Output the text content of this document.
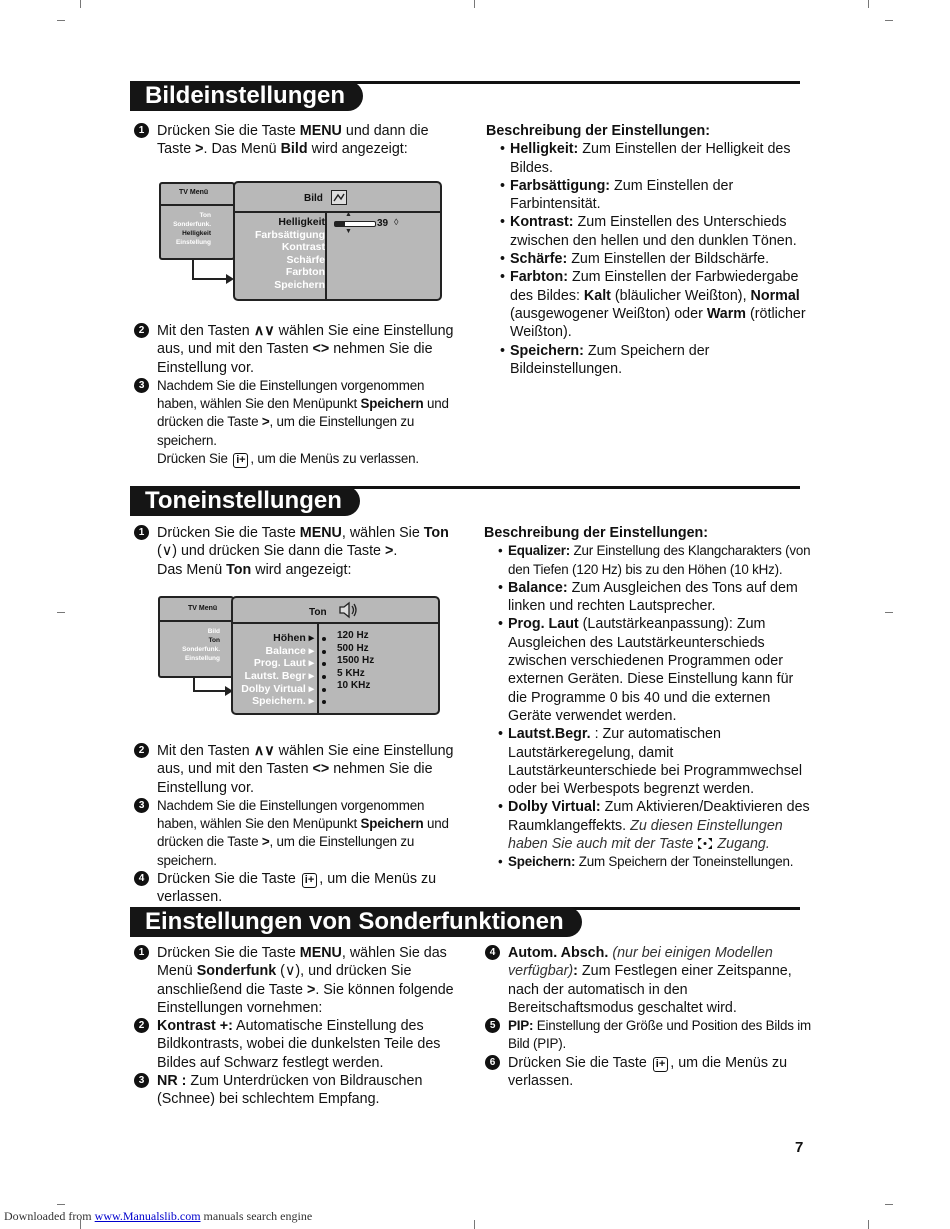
Bildeinstellungen

1 Drücken Sie die Taste MENU und dann die Taste >. Das Menü Bild wird angezeigt:

TV Menü
Ton
Sonderfunk.
Helligkeit
Einstellung
Bild
Helligkeit
Farbsättigung
Kontrast
Schärfe
Farbton
Speichern
▲
▼
39 ◊

2 Mit den Tasten ∧∨ wählen Sie eine Einstellung aus, und mit den Tasten <> nehmen Sie die Einstellung vor.

3 Nachdem Sie die Einstellungen vorgenommen haben, wählen Sie den Menüpunkt Speichern und drücken die Taste >, um die Einstellungen zu speichern.
Drücken Sie i+ , um die Menüs zu verlassen.

Beschreibung der Einstellungen:

• Helligkeit: Zum Einstellen der Helligkeit des Bildes.
• Farbsättigung: Zum Einstellen der Farbintensität.
• Kontrast: Zum Einstellen des Unterschieds zwischen den hellen und den dunklen Tönen.
• Schärfe: Zum Einstellen der Bildschärfe.
• Farbton: Zum Einstellen der Farbwiedergabe des Bildes: Kalt (bläulicher Weißton), Normal (ausgewogener Weißton) oder Warm (rötlicher Weißton).
• Speichern: Zum Speichern der Bildeinstellungen.
Toneinstellungen

1 Drücken Sie die Taste MENU, wählen Sie Ton (∨) und drücken Sie dann die Taste >.
Das Menü Ton wird angezeigt:

TV Menü
Bild
Ton
Sonderfunk.
Einstellung
Ton
Höhen ▸
Balance ▸
Prog. Laut ▸
Lautst. Begr ▸
Dolby Virtual ▸
Speichern. ▸
120 Hz
500 Hz
1500 Hz
5 KHz
10 KHz

2 Mit den Tasten ∧∨ wählen Sie eine Einstellung aus, und mit den Tasten <> nehmen Sie die Einstellung vor.

3 Nachdem Sie die Einstellungen vorgenommen haben, wählen Sie den Menüpunkt Speichern und drücken die Taste >, um die Einstellungen zu speichern.

4 Drücken Sie die Taste i+ , um die Menüs zu verlassen.

Beschreibung der Einstellungen:

• Equalizer: Zur Einstellung des Klangcharakters (von den Tiefen (120 Hz) bis zu den Höhen (10 kHz).
• Balance: Zum Ausgleichen des Tons auf dem linken und rechten Lautsprecher.
• Prog. Laut (Lautstärkeanpassung): Zum Ausgleichen des Lautstärkeunterschieds zwischen verschiedenen Programmen oder externen Geräten. Diese Einstellung kann für die Programme 0 bis 40 und die externen Geräte verwendet werden.
• Lautst.Begr. : Zur automatischen Lautstärkeregelung, damit Lautstärkeunterschiede bei Programmwechsel oder bei Werbespots begrenzt werden.
• Dolby Virtual: Zum Aktivieren/Deaktivieren des Raumklangeffekts. Zu diesen Einstellungen haben Sie auch mit der Taste  Zugang.
• Speichern: Zum Speichern der Toneinstellungen.
Einstellungen von Sonderfunktionen

1 Drücken Sie die Taste MENU, wählen Sie das Menü Sonderfunk (∨), und drücken Sie anschließend die Taste >. Sie können folgende Einstellungen vornehmen:

2 Kontrast +: Automatische Einstellung des Bildkontrasts, wobei die dunkelsten Teile des Bildes auf Schwarz festlegt werden.

3 NR : Zum Unterdrücken von Bildrauschen (Schnee) bei schlechtem Empfang.

4 Autom. Absch. (nur bei einigen Modellen verfügbar): Zum Festlegen einer Zeitspanne, nach der automatisch in den Bereitschaftsmodus geschaltet wird.

5 PIP: Einstellung der Größe und Position des Bilds im Bild (PIP).

6 Drücken Sie die Taste i+ , um die Menüs zu verlassen.

7
Downloaded from www.Manualslib.com manuals search engine
